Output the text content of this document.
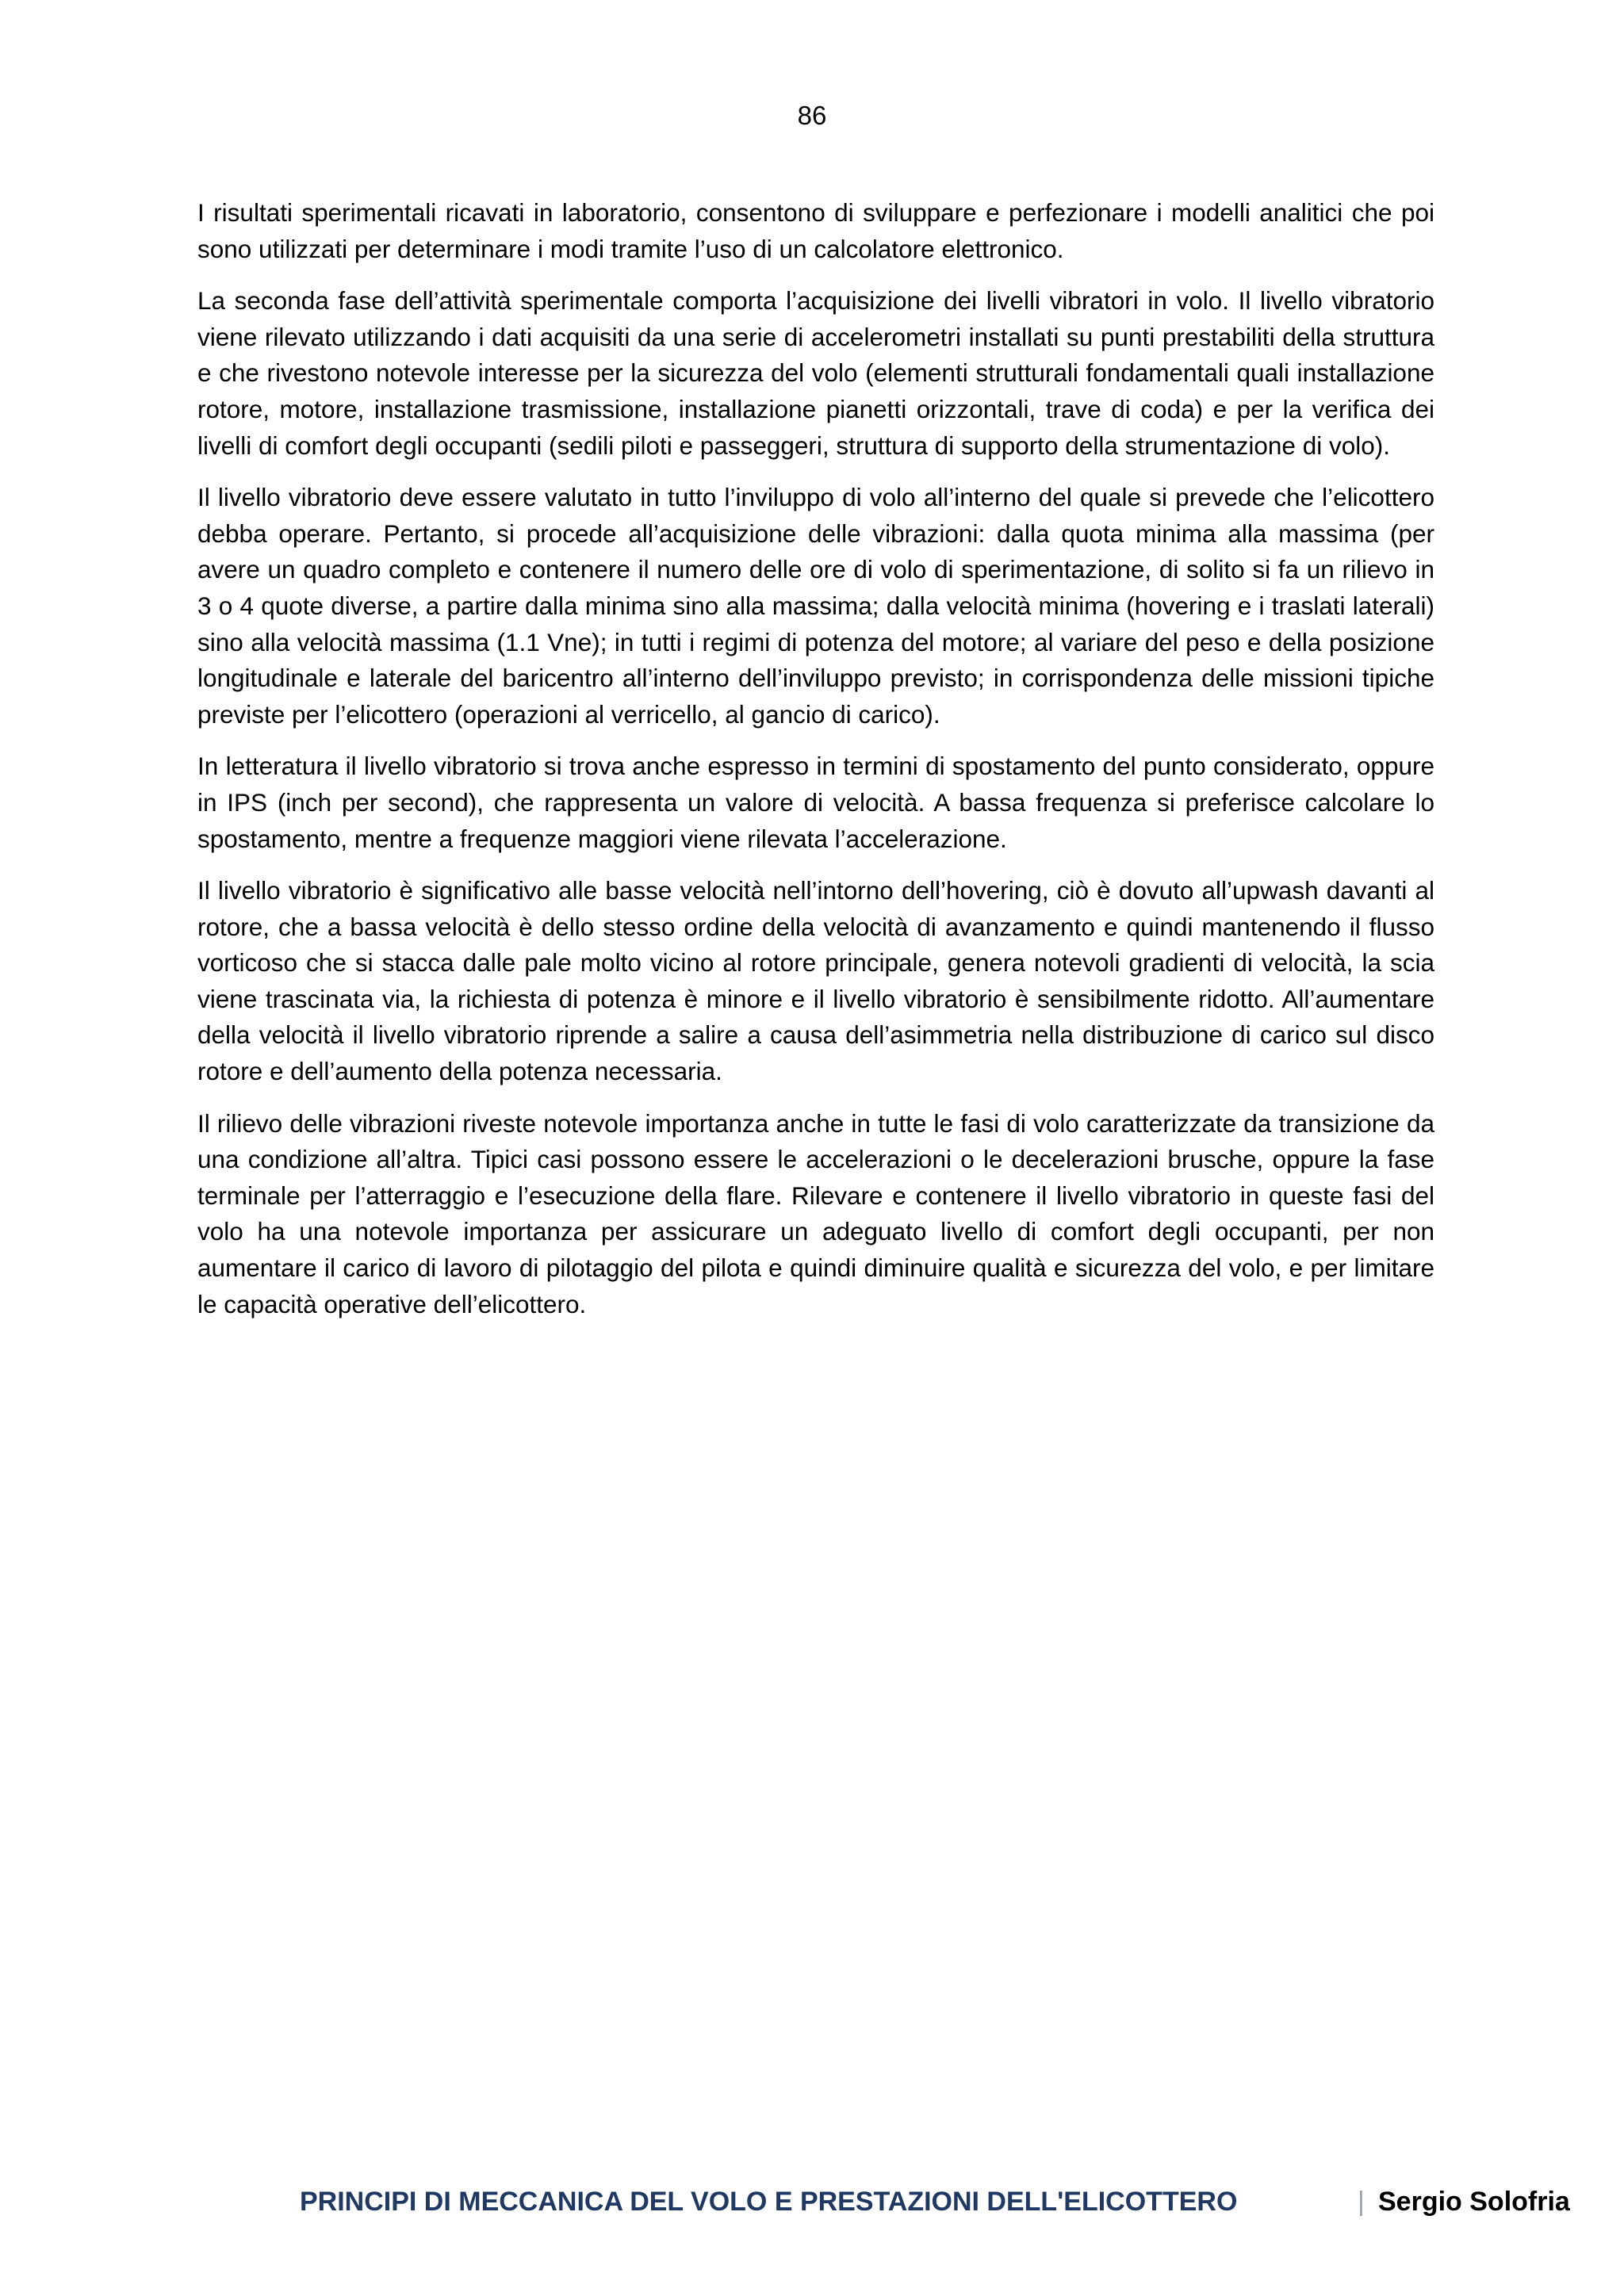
86

I risultati sperimentali ricavati in laboratorio, consentono di sviluppare e perfezionare i modelli analitici che poi sono utilizzati per determinare i modi tramite l’uso di un calcolatore elettronico.

La seconda fase dell’attività sperimentale comporta l’acquisizione dei livelli vibratori in volo. Il livello vibratorio viene rilevato utilizzando i dati acquisiti da una serie di accelerometri installati su punti prestabiliti della struttura e che rivestono notevole interesse per la sicurezza del volo (elementi strutturali fondamentali quali installazione rotore, motore, installazione trasmissione, installazione pianetti orizzontali, trave di coda) e per la verifica dei livelli di comfort degli occupanti (sedili piloti e passeggeri, struttura di supporto della strumentazione di volo).

Il livello vibratorio deve essere valutato in tutto l’inviluppo di volo all’interno del quale si prevede che l’elicottero debba operare. Pertanto, si procede all’acquisizione delle vibrazioni: dalla quota minima alla massima (per avere un quadro completo e contenere il numero delle ore di volo di sperimentazione, di solito si fa un rilievo in 3 o 4 quote diverse, a partire dalla minima sino alla massima; dalla velocità minima (hovering e i traslati laterali) sino alla velocità massima (1.1 Vne); in tutti i regimi di potenza del motore; al variare del peso e della posizione longitudinale e laterale del baricentro all’interno dell’inviluppo previsto; in corrispondenza delle missioni tipiche previste per l’elicottero (operazioni al verricello, al gancio di carico).

In letteratura il livello vibratorio si trova anche espresso in termini di spostamento del punto considerato, oppure in IPS (inch per second), che rappresenta un valore di velocità. A bassa frequenza si preferisce calcolare lo spostamento, mentre a frequenze maggiori viene rilevata l’accelerazione.

Il livello vibratorio è significativo alle basse velocità nell’intorno dell’hovering, ciò è dovuto all’upwash davanti al rotore, che a bassa velocità è dello stesso ordine della velocità di avanzamento e quindi mantenendo il flusso vorticoso che si stacca dalle pale molto vicino al rotore principale, genera notevoli gradienti di velocità, la scia viene trascinata via, la richiesta di potenza è minore e il livello vibratorio è sensibilmente ridotto. All’aumentare della velocità il livello vibratorio riprende a salire a causa dell’asimmetria nella distribuzione di carico sul disco rotore e dell’aumento della potenza necessaria.

Il rilievo delle vibrazioni riveste notevole importanza anche in tutte le fasi di volo caratterizzate da transizione da una condizione all’altra. Tipici casi possono essere le accelerazioni o le decelerazioni brusche, oppure la fase terminale per l’atterraggio e l’esecuzione della flare. Rilevare e contenere il livello vibratorio in queste fasi del volo ha una notevole importanza per assicurare un adeguato livello di comfort degli occupanti, per non aumentare il carico di lavoro di pilotaggio del pilota e quindi diminuire qualità e sicurezza del volo, e per limitare le capacità operative dell’elicottero.

PRINCIPI DI MECCANICA DEL VOLO E PRESTAZIONI DELL'ELICOTTERO	| Sergio Solofria
